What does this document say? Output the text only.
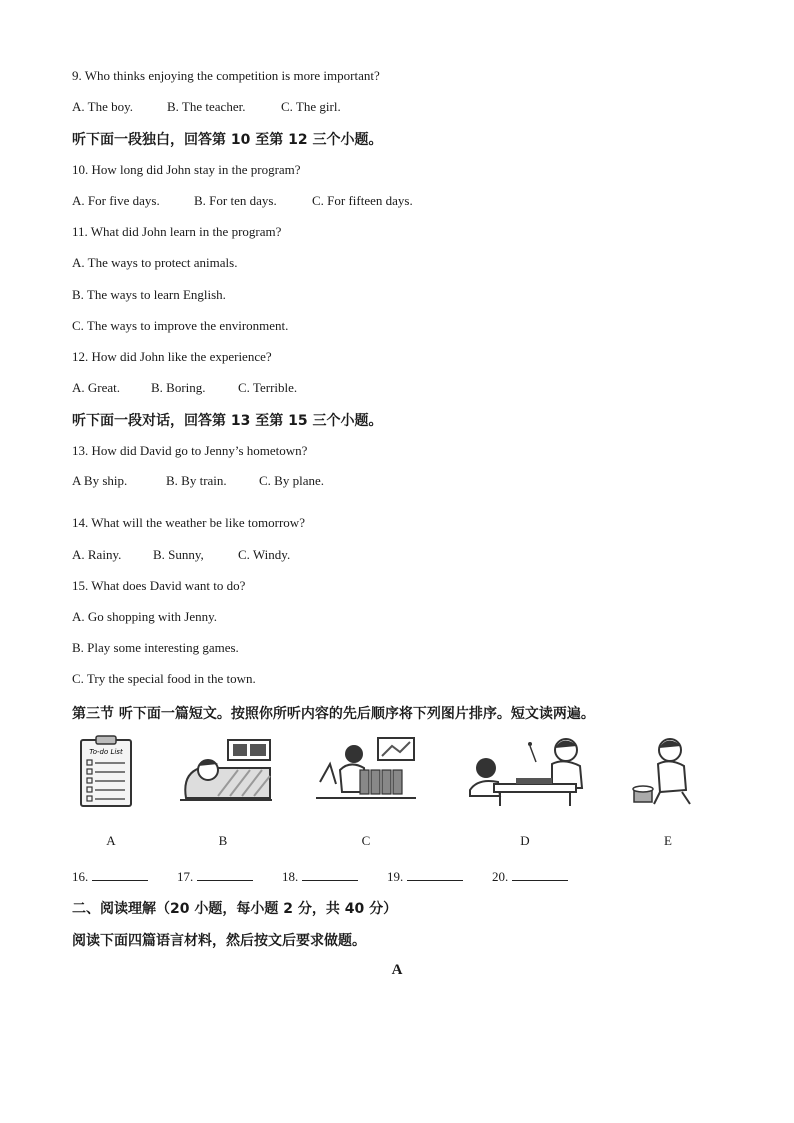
9. Who thinks enjoying the competition is more important?
A. The boy.	B. The teacher.	C. The girl.
听下面一段独白，回答第 10 至第 12 三个小题。
10. How long did John stay in the program?
A. For five days.	B. For ten days.	C. For fifteen days.
11. What did John learn in the program?
A. The ways to protect animals.
B. The ways to learn English.
C. The ways to improve the environment.
12. How did John like the experience?
A. Great. B. Boring. C. Terrible.
听下面一段对话，回答第 13 至第 15 三个小题。
13. How did David go to Jenny’s hometown?
A By ship.	B. By train. C. By plane.
14. What will the weather be like tomorrow?
A. Rainy. B. Sunny,	C. Windy.
15. What does David want to do?
A. Go shopping with Jenny.
B. Play some interesting games.
C. Try the special food in the town.
第三节 听下面一篇短文。按照你所听内容的先后顺序将下列图片排序。短文读两遍。
To-do List
A	B	C	D	E
16.	17.	18.	19.	20.
二、阅读理解（20 小题，每小题 2 分，共 40 分）
阅读下面四篇语言材料，然后按文后要求做题。
A
